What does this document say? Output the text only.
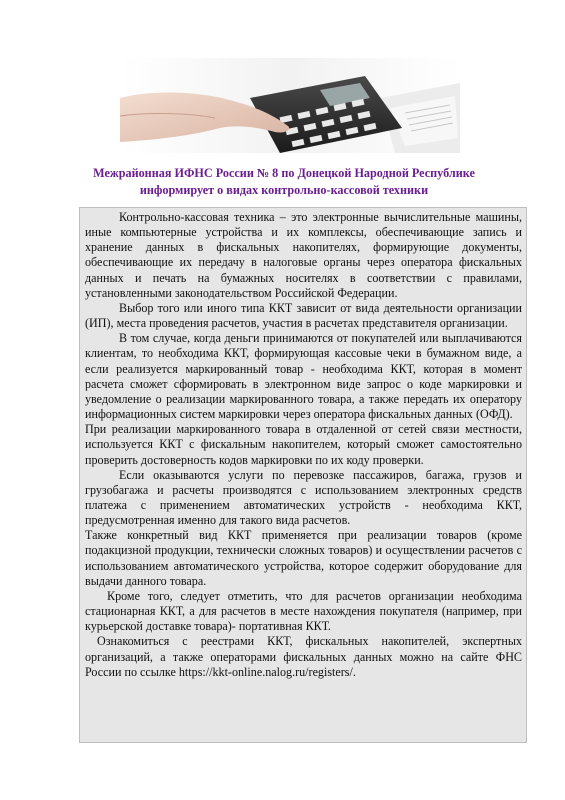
Межрайонная ИФНС России № 8 по Донецкой Народной Республике
информирует о видах контрольно-кассовой техники

Контрольно-кассовая техника – это электронные вычислительные машины, иные компьютерные устройства и их комплексы, обеспечивающие запись и хранение данных в фискальных накопителях, формирующие документы, обеспечивающие их передачу в налоговые органы через оператора фискальных данных и печать на бумажных носителях в соответствии с правилами, установленными законодательством Российской Федерации.

Выбор того или иного типа ККТ зависит от вида деятельности организации (ИП), места проведения расчетов, участия в расчетах представителя организации.

В том случае, когда деньги принимаются от покупателей или выплачиваются клиентам, то необходима ККТ, формирующая кассовые чеки в бумажном виде, а если реализуется маркированный товар - необходима ККТ, которая в момент расчета сможет сформировать в электронном виде запрос о коде маркировки и уведомление о реализации маркированного товара, а также передать их оператору информационных систем маркировки через оператора фискальных данных (ОФД).

При реализации маркированного товара в отдаленной от сетей связи местности, используется ККТ с фискальным накопителем, который сможет самостоятельно проверить достоверность кодов маркировки по их коду проверки.

Если оказываются услуги по перевозке пассажиров, багажа, грузов и грузобагажа и расчеты производятся с использованием электронных средств платежа с применением автоматических устройств - необходима ККТ, предусмотренная именно для такого вида расчетов.

Также конкретный вид ККТ применяется при реализации товаров (кроме подакцизной продукции, технически сложных товаров) и осуществлении расчетов с использованием автоматического устройства, которое содержит оборудование для выдачи данного товара.

Кроме того, следует отметить, что для расчетов организации необходима стационарная ККТ, а для расчетов в месте нахождения покупателя (например, при курьерской доставке товара)- портативная ККТ.

Ознакомиться с реестрами ККТ, фискальных накопителей, экспертных организаций, а также операторами фискальных данных можно на сайте ФНС России по ссылке https://kkt-online.nalog.ru/registers/.
